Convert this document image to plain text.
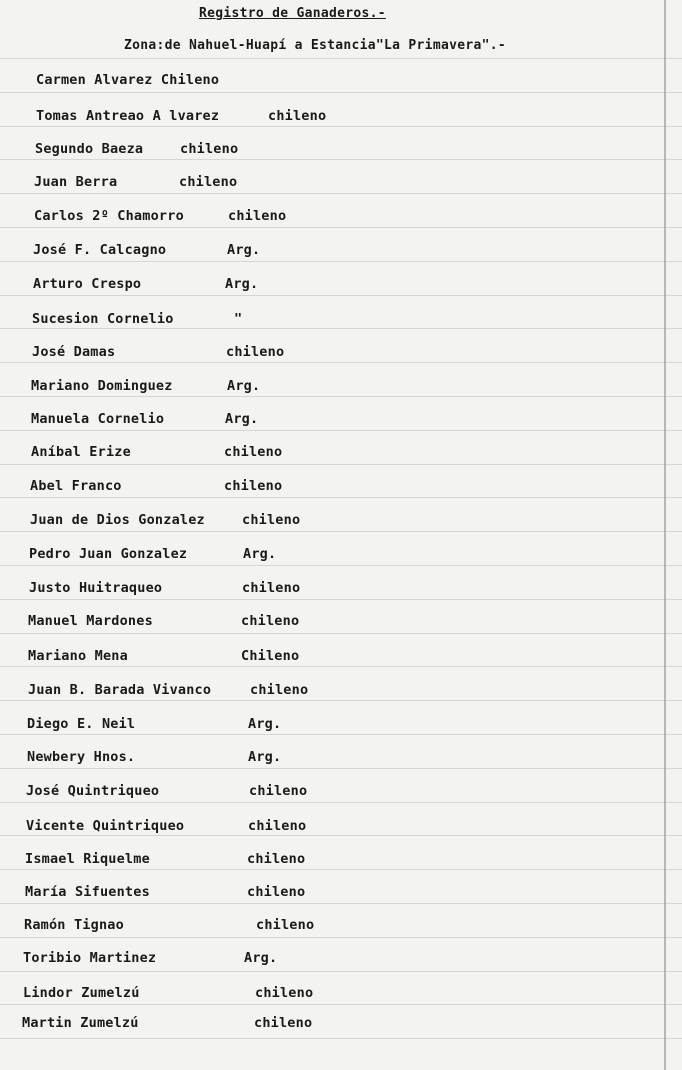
Registro de Ganaderos.-
Zona:de Nahuel-Huapí a Estancia"La Primavera".-
Carmen Alvarez Chileno
Tomas Antreao A lvarez	chileno
Segundo Baeza	chileno
Juan Berra	chileno
Carlos 2º Chamorro	chileno
José F. Calcagno	Arg.
Arturo Crespo	Arg.
Sucesion Cornelio	"
José Damas	chileno
Mariano Dominguez	Arg.
Manuela Cornelio	Arg.
Aníbal Erize	chileno
Abel Franco	chileno
Juan de Dios Gonzalez	chileno
Pedro Juan Gonzalez	Arg.
Justo Huitraqueo	chileno
Manuel Mardones	chileno
Mariano Mena	Chileno
Juan B. Barada Vivanco	chileno
Diego E. Neil	Arg.
Newbery Hnos.	Arg.
José Quintriqueo	chileno
Vicente Quintriqueo	chileno
Ismael Riquelme	chileno
María Sifuentes	chileno
Ramón Tignao	chileno
Toribio Martinez	Arg.
Lindor Zumelzú	chileno
Martin Zumelzú	chileno
